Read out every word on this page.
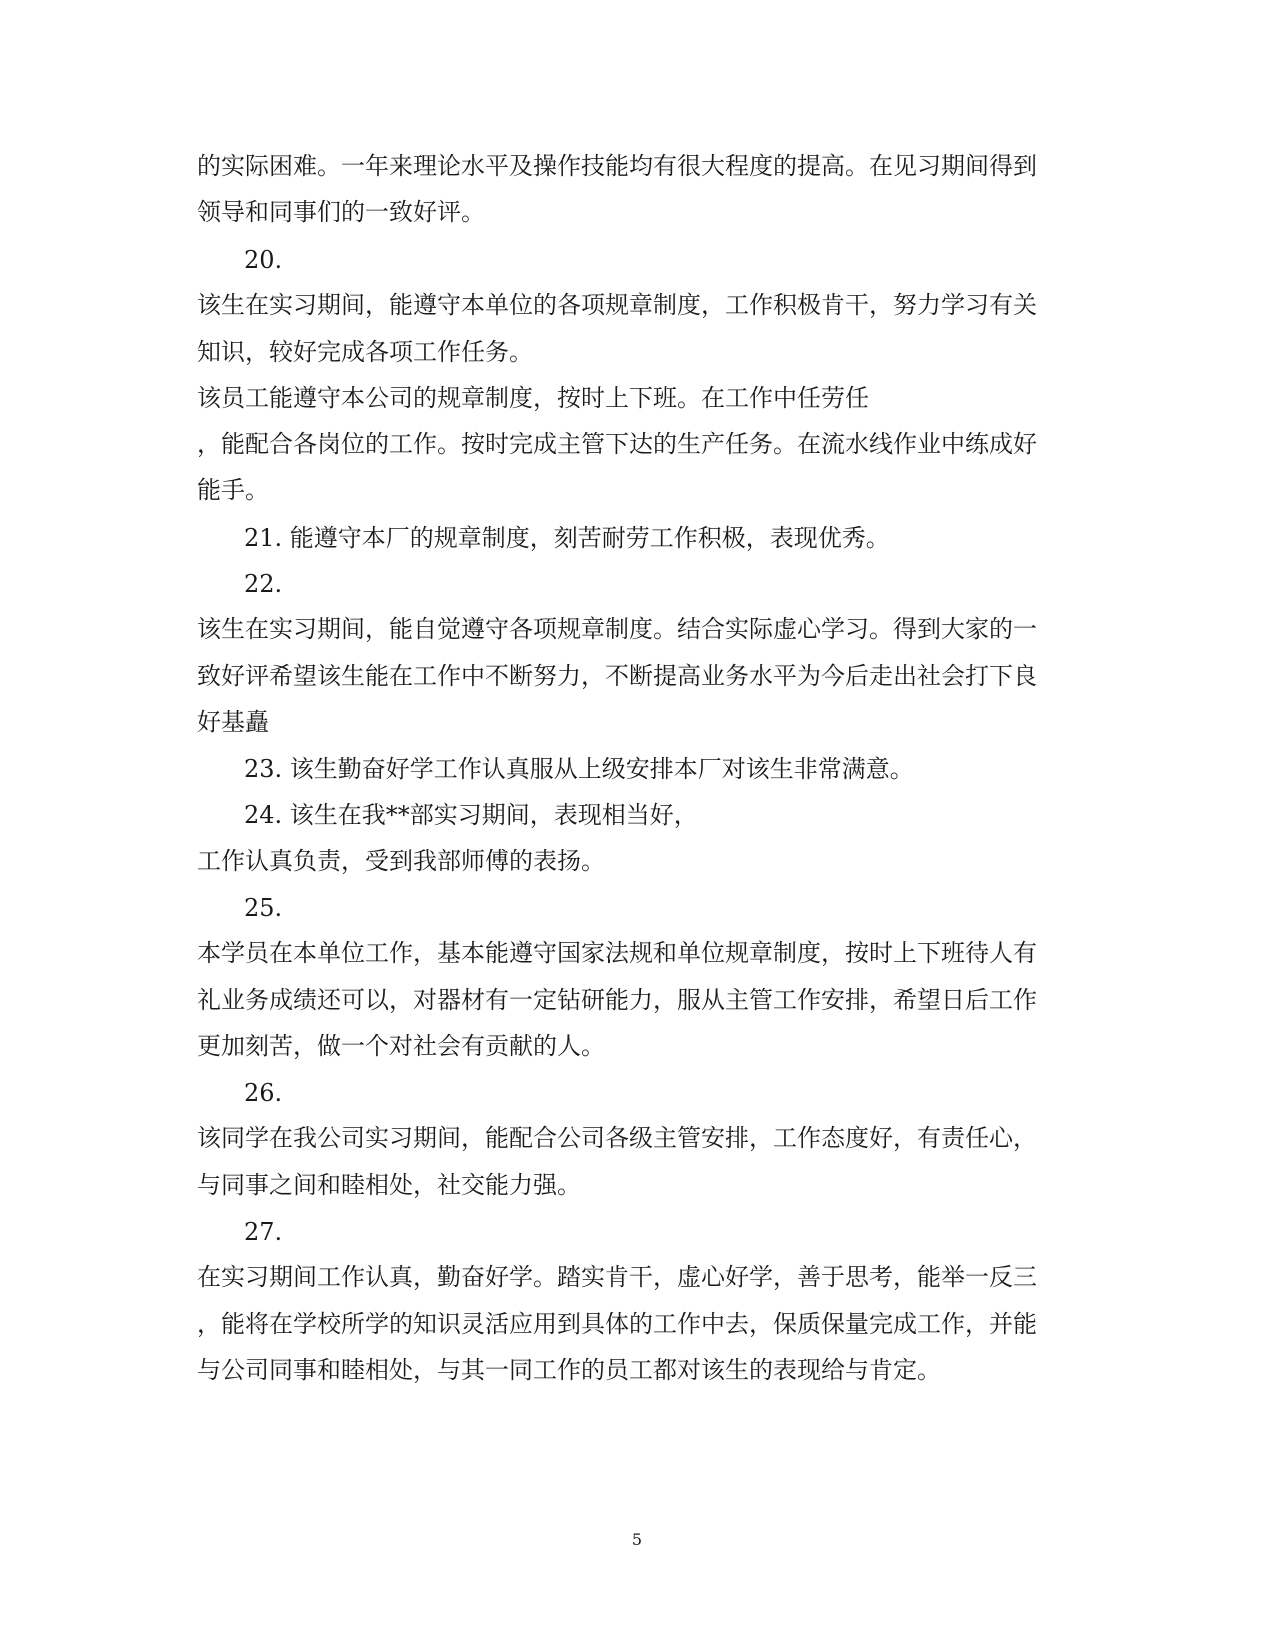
的实际困难。一年来理论水平及操作技能均有很大程度的提高。在见习期间得到
领导和同事们的一致好评。
20.
该生在实习期间，能遵守本单位的各项规章制度，工作积极肯干，努力学习有关
知识，较好完成各项工作任务。
该员工能遵守本公司的规章制度，按时上下班。在工作中任劳任
，能配合各岗位的工作。按时完成主管下达的生产任务。在流水线作业中练成好
能手。
21. 能遵守本厂的规章制度，刻苦耐劳工作积极，表现优秀。
22.
该生在实习期间，能自觉遵守各项规章制度。结合实际虚心学习。得到大家的一
致好评希望该生能在工作中不断努力，不断提高业务水平为今后走出社会打下良
好基矗
23. 该生勤奋好学工作认真服从上级安排本厂对该生非常满意。
24. 该生在我**部实习期间，表现相当好，
工作认真负责，受到我部师傅的表扬。
25.
本学员在本单位工作，基本能遵守国家法规和单位规章制度，按时上下班待人有
礼业务成绩还可以，对器材有一定钻研能力，服从主管工作安排，希望日后工作
更加刻苦，做一个对社会有贡献的人。
26.
该同学在我公司实习期间，能配合公司各级主管安排，工作态度好，有责任心，
与同事之间和睦相处，社交能力强。
27.
在实习期间工作认真，勤奋好学。踏实肯干，虚心好学，善于思考，能举一反三
，能将在学校所学的知识灵活应用到具体的工作中去，保质保量完成工作，并能
与公司同事和睦相处，与其一同工作的员工都对该生的表现给与肯定。
5
